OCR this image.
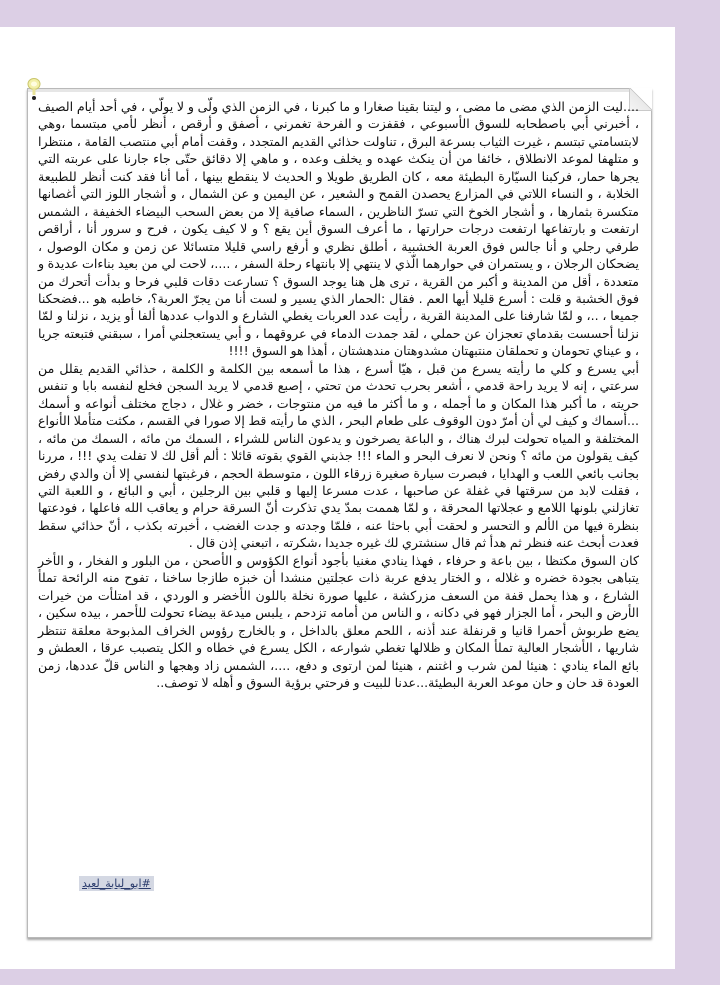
....ليت الزمن الذي مضى ما مضى ، و ليتنا بقينا صغارا و ما كبرنا ، في الزمن الذي ولّى و لا يولّي ، في أحد أيام الصيف ، أخبرني أبي باصطحابه للسوق الأسبوعي ، فقفزت و الفرحة تغمرني ، أصفق و أرقص ، أنظر لأمي مبتسما ،وهي لابتسامتي تبتسم ، غيرت الثياب بسرعة البرق ، تناولت حذائي القديم المتجدد ، وقفت أمام أبي منتصب القامة ، منتظرا و متلهفا لموعد الانطلاق ، خائفا من أن ينكث عهده و يخلف وعده ، و ماهي إلا دقائق حتّى جاء جارنا على عربته التي يجرها حمار، فركبنا السيّارة البطيئة معه ، كان الطريق طويلا و الحديث لا ينقطع بينها ، أما أنا فقد كنت أنظر للطبيعة الخلابة ، و النساء اللاتي في المزارع يحصدن القمح و الشعير ، عن اليمين و عن الشمال ، و أشجار اللوز التي أغصانها متكسرة بثمارها ، و أشجار الخوخ التي تسرّ الناظرين ، السماء صافية إلا من بعض السحب البيضاء الخفيفة ، الشمس ارتفعت و بارتفاعها ارتفعت درجات حرارتها ، ما أعرف السوق أين يقع ؟ و لا كيف يكون ، فرح و سرور أنا ، أراقص طرفي رجلي و أنا جالس فوق العربة الخشبية ، أطلق نظري و أرفع راسي قليلا متسائلا عن زمن و مكان الوصول ، يضحكان الرجلان ، و يستمران في حوارهما الّذي لا ينتهي إلا بانتهاء رحلة السفر ، ....، لاحت لي من بعيد بناءات عديدة و متعددة ، أقل من المدينة و أكبر من القرية ، ترى هل هنا يوجد السوق ؟ تسارعت دقات قلبي فرحا و بدأت أتحرك من فوق الخشبة و قلت : أسرع قليلا أيها العم . فقال :الحمار الذي يسير و لست أنا من يجرّ العربة؟، خاطبه هو ...فضحكنا جميعا ، ..، و لمّا شارفنا على المدينة القرية ، رأيت عدد العربات يغطي الشارع و الدواب عددها ألفا أو يزيد ، نزلنا و لمّا نزلنا أحسست بقدماي تعجزان عن حملي ، لقد جمدت الدماء في عروقهما ، و أبي يستعجلني أمرا ، سبقني فتبعته جريا ، و عيناي تحومان و تحملقان منتبهتان مشدوهتان مندهشتان ، أهذا هو السوق !!!!

أبي يسرع و كلي ما رأيته يسرع من قبل ، هيّا أسرع ، هذا ما أسمعه بين الكلمة و الكلمة ، حذائي القديم يقلل من سرعتي ، إنه لا يريد راحة قدمي ، أشعر بحرب تحدث من تحتي ، إصبع قدمي لا يريد السجن فخلع لنفسه بابا و تنفس حريته ، ما أكبر هذا المكان و ما أجمله ، و ما أكثر ما فيه من منتوجات ، خضر و غلال ، دجاج مختلف أنواعه و أسمك ...أسماك و كيف لي أن أمرّ دون الوقوف على طعام البحر ، الذي ما رأيته قط إلا صورا في القسم ، مكثت متأملا الأنواع المختلفة و المياه تحولت لبرك هناك ، و الباعة يصرخون و يدعون الناس للشراء ، السمك من مائه ، السمك من مائه ، كيف يقولون من مائه ؟ ونحن لا نعرف البحر و الماء !!! جذبني القوي بقوته قائلا : ألم أقل لك لا تفلت يدي !!! ، مررنا بجانب بائعي اللعب و الهدايا ، فبصرت سيارة صغيرة زرقاء اللون ، متوسطة الحجم ، فرغبتها لنفسي إلا أن والدي رفض ، فقلت لابد من سرقتها في غفلة عن صاحبها ، عدت مسرعا إليها و قلبي بين الرجلين ، أبي و البائع ، و اللعبة التي تغازلني بلونها اللامع و عجلاتها المحرقة ، و لمّا هممت بمدّ يدي تذكرت أنّ السرقة حرام و يعاقب الله فاعلها ، فودعتها بنظرة فيها من الألم و التحسر و لحقت أبي باحثا عنه ، فلمّا وجدته و جدت الغضب ، أخبرته بكذب ، أنّ حذائي سقط فعدت أبحث عنه فنظر ثم هدأ ثم قال سنشتري لك غيره جديدا ،شكرته ، اتبعني إذن قال .

كان السوق مكتظا ، بين باعة و حرفاء ، فهذا ينادي مغنيا بأجود أنواع الكؤوس و الأصحن ، من البلور و الفخار ، و الأخر يتباهى بجودة خضره و غلاله ، و الختار يدفع عربة ذات عجلتين منشدا أن خبزه طازجا ساخنا ، تفوح منه الرائحة تملأ الشارع ، و هذا يحمل قفة من السعف مزركشة ، عليها صورة نخلة باللون الأخضر و الوردي ، قد امتلأت من خيرات الأرض و البحر ، أما الجزار فهو في دكانه ، و الناس من أمامه تزدحم ، يلبس ميدعة بيضاء تحولت للأحمر ، بيده سكين ، يضع طربوش أحمرا قانيا و قرنفلة عند أذنه ، اللحم معلق بالداخل ، و بالخارج رؤوس الخراف المذبوحة معلقة تنتظر شاريها ، الأشجار العالية تملأ المكان و ظلالها تغطي شوارعه ، الكل يسرع في خطاه و الكل يتصبب عرقا ، العطش و بائع الماء ينادي : هنيئا لمن شرب و اغتنم ، هنيئا لمن ارتوى و دفع، ....، الشمس زاد وهجها و الناس قلّ عددها، زمن العودة قد حان و حان موعد العربة البطيئة...عدنا للبيت و فرحتي برؤية السوق و أهله لا توصف..

#ابو_لبابة_لعيد
